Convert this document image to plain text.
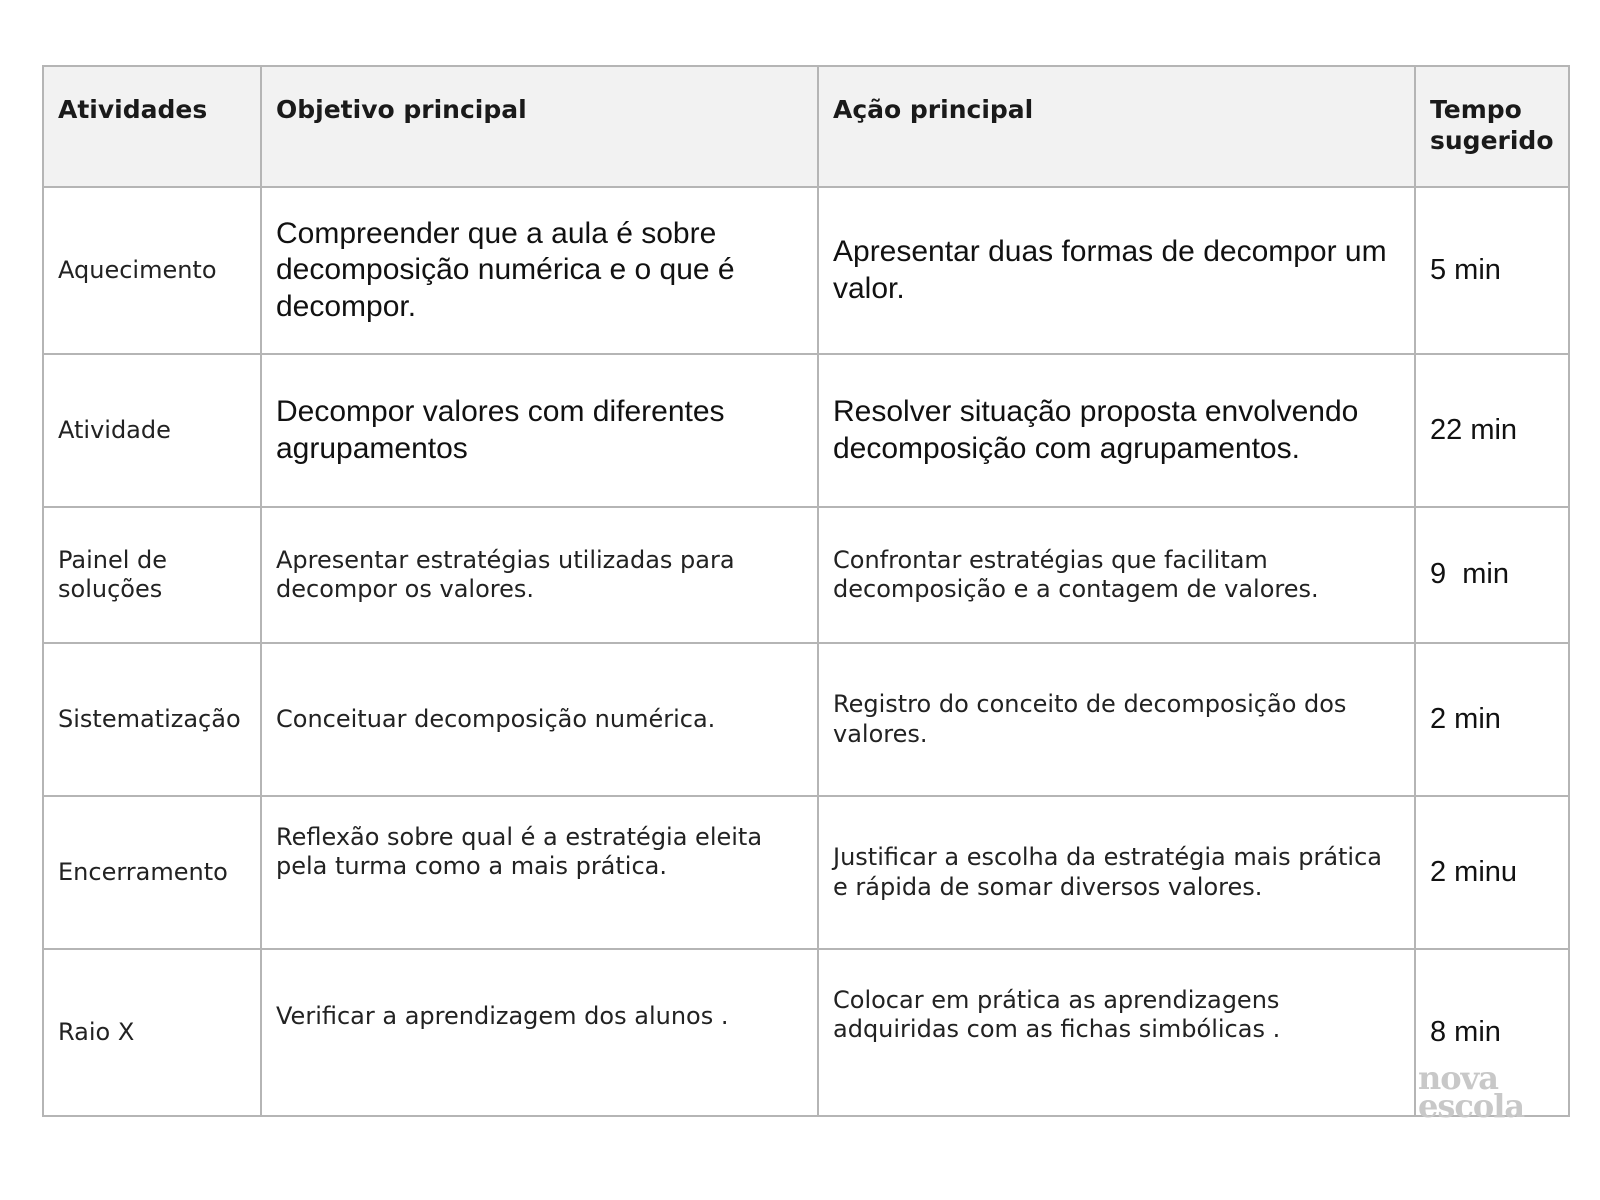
Atividades	Objetivo principal	Ação principal	Tempo sugerido
Aquecimento	Compreender que a aula é sobre decomposição numérica e o que é decompor.	Apresentar duas formas de decompor um valor.	5 min
Atividade	Decompor valores com diferentes agrupamentos	Resolver situação proposta envolvendo decomposição com agrupamentos.	22 min
Painel de soluções	Apresentar estratégias utilizadas para decompor os valores.	Confrontar estratégias que facilitam decomposição e a contagem de valores.	9  min
Sistematização	Conceituar decomposição numérica.	Registro do conceito de decomposição dos valores.	2 min
Encerramento	Reflexão sobre qual é a estratégia eleita pela turma como a mais prática.	Justificar a escolha da estratégia mais prática e rápida de somar diversos valores.	2 minu
Raio X	Verificar a aprendizagem dos alunos .	Colocar em prática as aprendizagens adquiridas com as fichas simbólicas .	8 min
nova
escola
